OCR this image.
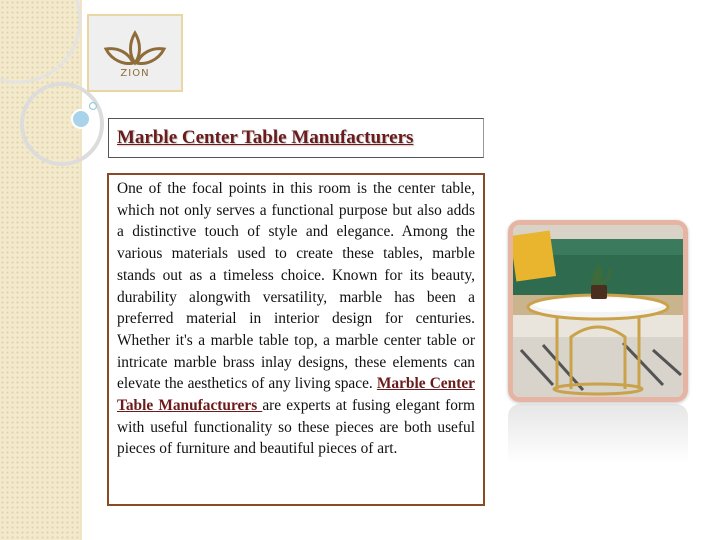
ZION
Marble Center Table Manufacturers

One of the focal points in this room is the center table, which not only serves a functional purpose but also adds a distinctive touch of style and elegance. Among the various materials used to create these tables, marble stands out as a timeless choice. Known for its beauty, durability alongwith versatility, marble has been a preferred material in interior design for centuries. Whether it's a marble table top, a marble center table or intricate marble brass inlay designs, these elements can elevate the aesthetics of any living space. Marble Center Table Manufacturers are experts at fusing elegant form with useful functionality so these pieces are both useful pieces of furniture and beautiful pieces of art.
